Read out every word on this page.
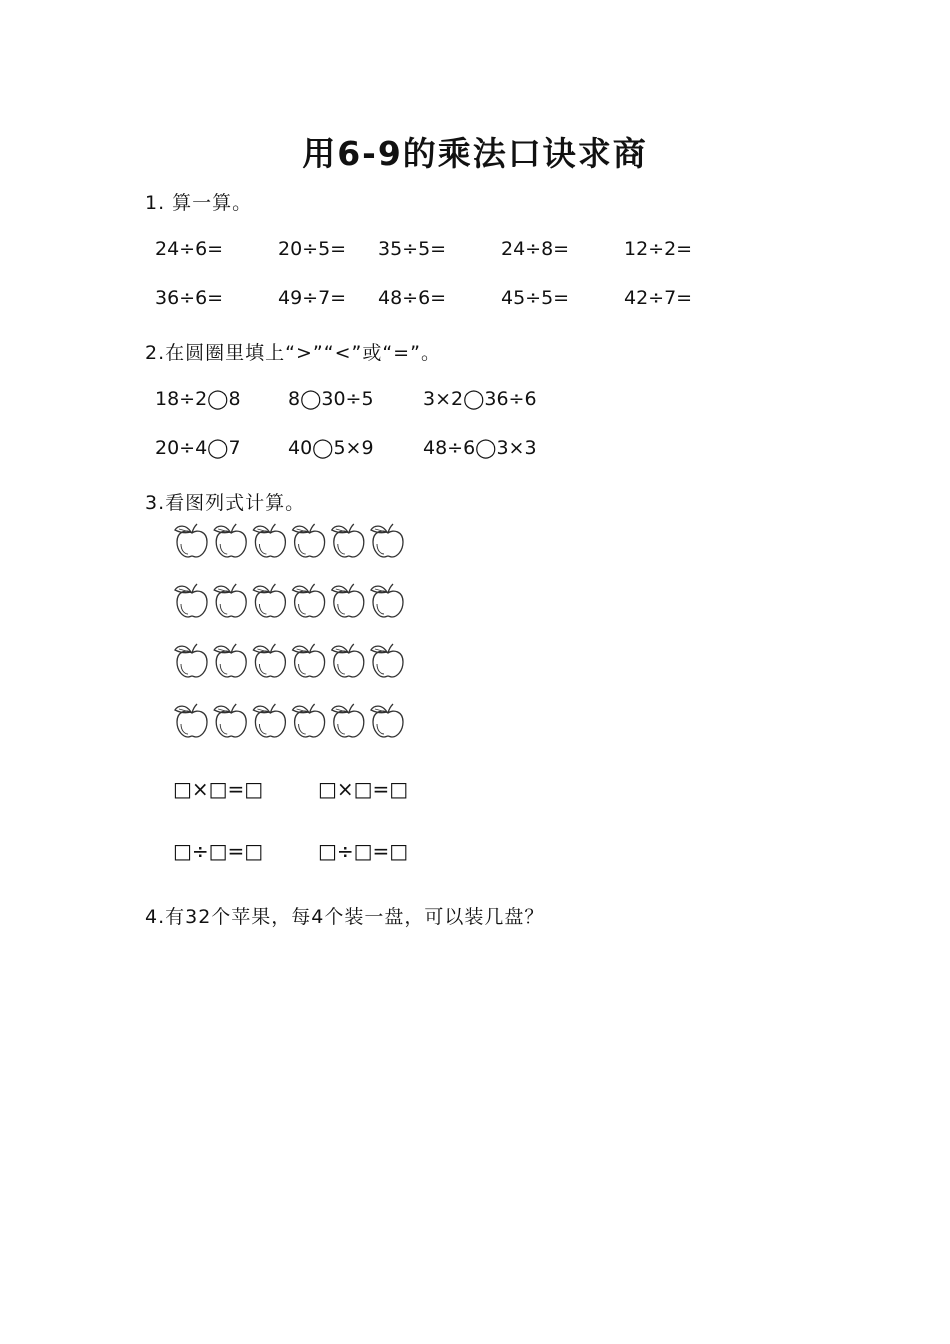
用6-9的乘法口诀求商
1. 算一算。
24÷6=	20÷5= 35÷5=	24÷8=	12÷2=
36÷6=	49÷7= 48÷6=	45÷5=	42÷7=
2.在圆圈里填上“>”“<”或“=”。
18÷2◯8 8◯30÷5	3×2◯36÷6
20÷4◯7 40◯5×9	48÷6◯3×3
3.看图列式计算。
□×□=□	□×□=□
□÷□=□	□÷□=□
4.有32个苹果，每4个装一盘，可以装几盘？
